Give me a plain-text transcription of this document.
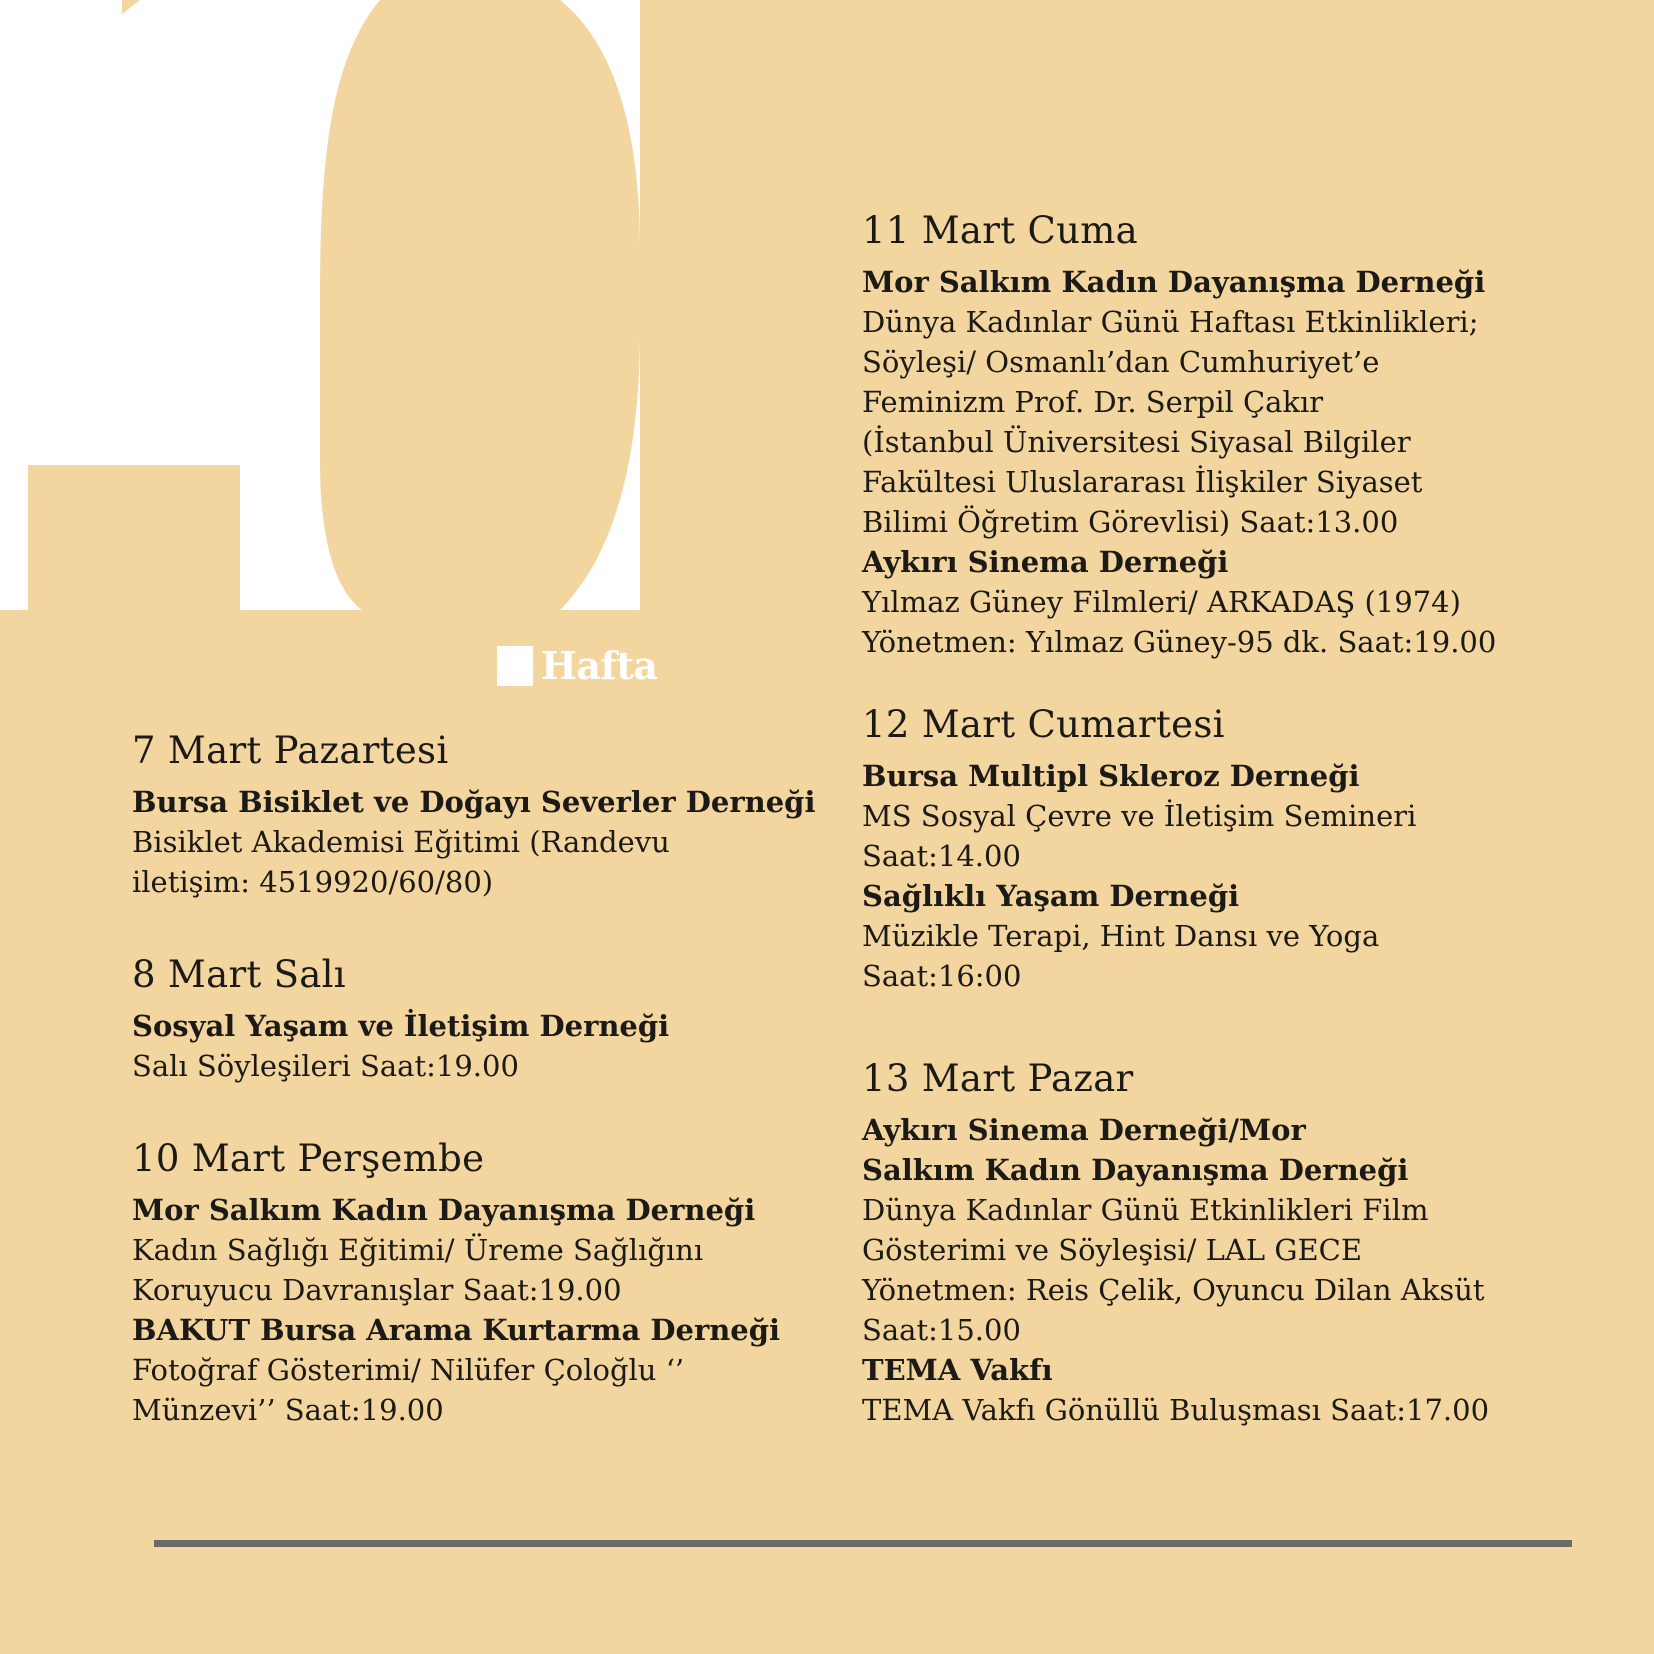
Hafta
7 Mart Pazartesi
Bursa Bisiklet ve Doğayı Severler Derneği
Bisiklet Akademisi Eğitimi (Randevu
iletişim: 4519920/60/80)
8 Mart Salı
Sosyal Yaşam ve İletişim Derneği
Salı Söyleşileri Saat:19.00
10 Mart Perşembe
Mor Salkım Kadın Dayanışma Derneği
Kadın Sağlığı Eğitimi/ Üreme Sağlığını
Koruyucu Davranışlar Saat:19.00
BAKUT Bursa Arama Kurtarma Derneği
Fotoğraf Gösterimi/ Nilüfer Çoloğlu ‘’
Münzevi’’ Saat:19.00
11 Mart Cuma
Mor Salkım Kadın Dayanışma Derneği
Dünya Kadınlar Günü Haftası Etkinlikleri;
Söyleşi/ Osmanlı’dan Cumhuriyet’e
Feminizm Prof. Dr. Serpil Çakır
(İstanbul Üniversitesi Siyasal Bilgiler
Fakültesi Uluslararası İlişkiler Siyaset
Bilimi Öğretim Görevlisi) Saat:13.00
Aykırı Sinema Derneği
Yılmaz Güney Filmleri/ ARKADAŞ (1974)
Yönetmen: Yılmaz Güney-95 dk. Saat:19.00
12 Mart Cumartesi
Bursa Multipl Skleroz Derneği
MS Sosyal Çevre ve İletişim Semineri
Saat:14.00
Sağlıklı Yaşam Derneği
Müzikle Terapi, Hint Dansı ve Yoga
Saat:16:00
13 Mart Pazar
Aykırı Sinema Derneği/Mor
Salkım Kadın Dayanışma Derneği
Dünya Kadınlar Günü Etkinlikleri Film
Gösterimi ve Söyleşisi/ LAL GECE
Yönetmen: Reis Çelik, Oyuncu Dilan Aksüt
Saat:15.00
TEMA Vakfı
TEMA Vakfı Gönüllü Buluşması Saat:17.00
